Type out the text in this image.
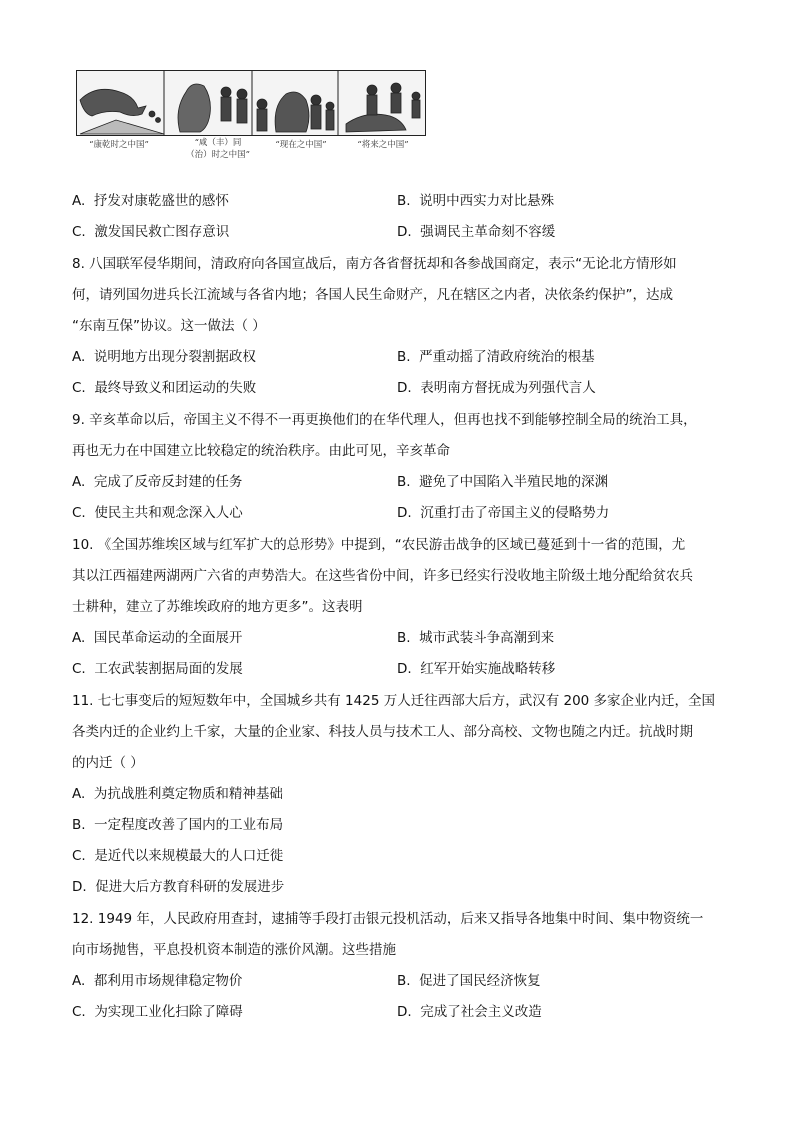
“康乾时之中国”	“咸（丰）同
（治）时之中国”
“现在之中国”	“将来之中国”
A. 抒发对康乾盛世的感怀	B. 说明中西实力对比悬殊
C. 激发国民救亡图存意识	D. 强调民主革命刻不容缓
8. 八国联军侵华期间，清政府向各国宣战后，南方各省督抚却和各参战国商定，表示“无论北方情形如
何，请列国勿进兵长江流域与各省内地；各国人民生命财产，凡在辖区之内者，决依条约保护”，达成
“东南互保”协议。这一做法（ ）
A. 说明地方出现分裂割据政权	B. 严重动摇了清政府统治的根基
C. 最终导致义和团运动的失败	D. 表明南方督抚成为列强代言人
9. 辛亥革命以后，帝国主义不得不一再更换他们的在华代理人，但再也找不到能够控制全局的统治工具，
再也无力在中国建立比较稳定的统治秩序。由此可见，辛亥革命
A. 完成了反帝反封建的任务	B. 避免了中国陷入半殖民地的深渊
C. 使民主共和观念深入人心	D. 沉重打击了帝国主义的侵略势力
10. 《全国苏维埃区域与红军扩大的总形势》中提到，“农民游击战争的区域已蔓延到十一省的范围，尤
其以江西福建两湖两广六省的声势浩大。在这些省份中间，许多已经实行没收地主阶级土地分配给贫农兵
士耕种，建立了苏维埃政府的地方更多”。这表明
A. 国民革命运动的全面展开	B. 城市武装斗争高潮到来
C. 工农武装割据局面的发展	D. 红军开始实施战略转移
11. 七七事变后的短短数年中，全国城乡共有 1425 万人迁往西部大后方，武汉有 200 多家企业内迁，全国
各类内迁的企业约上千家，大量的企业家、科技人员与技术工人、部分高校、文物也随之内迁。抗战时期
的内迁（ ）
A. 为抗战胜利奠定物质和精神基础
B. 一定程度改善了国内的工业布局
C. 是近代以来规模最大的人口迁徙
D. 促进大后方教育科研的发展进步
12. 1949 年，人民政府用查封，逮捕等手段打击银元投机活动，后来又指导各地集中时间、集中物资统一
向市场抛售，平息投机资本制造的涨价风潮。这些措施
A. 都利用市场规律稳定物价	B. 促进了国民经济恢复
C. 为实现工业化扫除了障碍	D. 完成了社会主义改造
